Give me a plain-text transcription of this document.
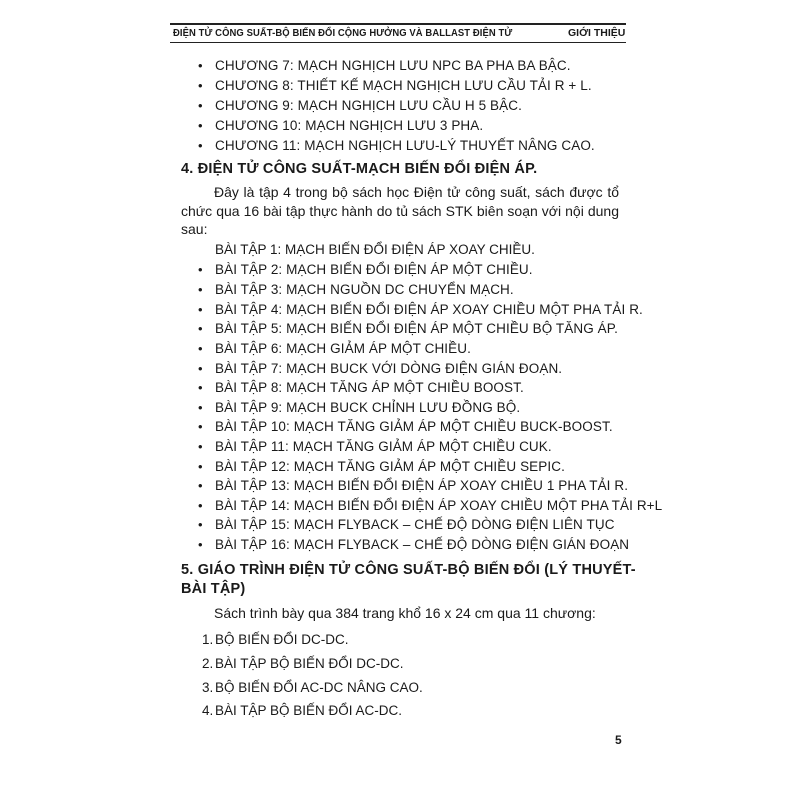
ĐIỆN TỬ CÔNG SUẤT-BỘ BIẾN ĐỔI CỘNG HƯỞNG VÀ BALLAST ĐIỆN TỬ	GIỚI THIỆU
• CHƯƠNG 7: MẠCH NGHỊCH LƯU NPC BA PHA BA BẬC.
• CHƯƠNG 8: THIẾT KẾ MẠCH NGHỊCH LƯU CẦU TẢI R + L.
• CHƯƠNG 9: MẠCH NGHỊCH LƯU CẦU H 5 BẬC.
• CHƯƠNG 10: MẠCH NGHỊCH LƯU 3 PHA.
• CHƯƠNG 11: MẠCH NGHỊCH LƯU-LÝ THUYẾT NÂNG CAO.
4. ĐIỆN TỬ CÔNG SUẤT-MẠCH BIẾN ĐỔI ĐIỆN ÁP.
Đây là tập 4 trong bộ sách học Điện tử công suất, sách được tổ chức qua 16 bài tập thực hành do tủ sách STK biên soạn với nội dung sau:
BÀI TẬP 1: MẠCH BIẾN ĐỔI ĐIỆN ÁP XOAY CHIỀU.
• BÀI TẬP 2: MẠCH BIẾN ĐỔI ĐIỆN ÁP MỘT CHIỀU.
• BÀI TẬP 3: MẠCH NGUỒN DC CHUYỂN MẠCH.
• BÀI TẬP 4: MẠCH BIẾN ĐỔI ĐIỆN ÁP XOAY CHIỀU MỘT PHA TẢI R.
• BÀI TẬP 5: MẠCH BIẾN ĐỔI ĐIỆN ÁP MỘT CHIỀU BỘ TĂNG ÁP.
• BÀI TẬP 6: MẠCH GIẢM ÁP MỘT CHIỀU.
• BÀI TẬP 7: MẠCH BUCK VỚI DÒNG ĐIỆN GIÁN ĐOẠN.
• BÀI TẬP 8: MẠCH TĂNG ÁP MỘT CHIỀU BOOST.
• BÀI TẬP 9: MẠCH BUCK CHỈNH LƯU ĐỒNG BỘ.
• BÀI TẬP 10: MẠCH TĂNG GIẢM ÁP MỘT CHIỀU BUCK-BOOST.
• BÀI TẬP 11: MẠCH TĂNG GIẢM ÁP MỘT CHIỀU CUK.
• BÀI TẬP 12: MẠCH TĂNG GIẢM ÁP MỘT CHIỀU SEPIC.
• BÀI TẬP 13: MẠCH BIẾN ĐỔI ĐIỆN ÁP XOAY CHIỀU 1 PHA TẢI R.
• BÀI TẬP 14: MẠCH BIẾN ĐỔI ĐIỆN ÁP XOAY CHIỀU MỘT PHA TẢI R+L
• BÀI TẬP 15: MẠCH FLYBACK – CHẾ ĐỘ DÒNG ĐIỆN LIÊN TỤC
• BÀI TẬP 16: MẠCH FLYBACK – CHẾ ĐỘ DÒNG ĐIỆN GIÁN ĐOẠN
5. GIÁO TRÌNH ĐIỆN TỬ CÔNG SUẤT-BỘ BIẾN ĐỔI (LÝ THUYẾT-
BÀI TẬP)
Sách trình bày qua 384 trang khổ 16 x 24 cm qua 11 chương:
1. BỘ BIẾN ĐỔI DC-DC.
2. BÀI TẬP BỘ BIẾN ĐỔI DC-DC.
3. BỘ BIẾN ĐỔI AC-DC NÂNG CAO.
4. BÀI TẬP BỘ BIẾN ĐỔI AC-DC.
5
